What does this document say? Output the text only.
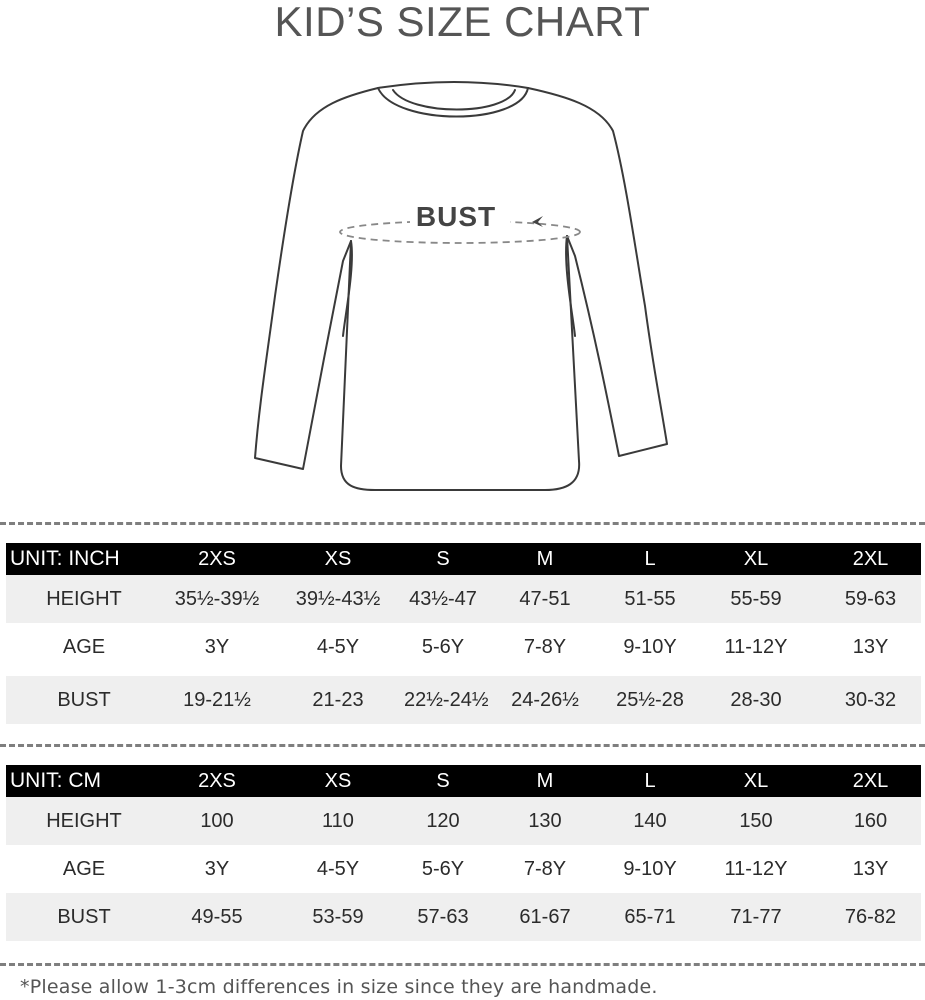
KID’S SIZE CHART
BUST
UNIT: INCH	2XS	XS	S	M	L	XL	2XL
HEIGHT	35½-39½	39½-43½	43½-47	47-51	51-55	55-59	59-63
AGE	3Y	4-5Y	5-6Y	7-8Y	9-10Y	11-12Y	13Y
BUST	19-21½	21-23	22½-24½	24-26½	25½-28	28-30	30-32
UNIT: CM	2XS	XS	S	M	L	XL	2XL
HEIGHT	100	110	120	130	140	150	160
AGE	3Y	4-5Y	5-6Y	7-8Y	9-10Y	11-12Y	13Y
BUST	49-55	53-59	57-63	61-67	65-71	71-77	76-82
*Please allow 1-3cm differences in size since they are handmade.
